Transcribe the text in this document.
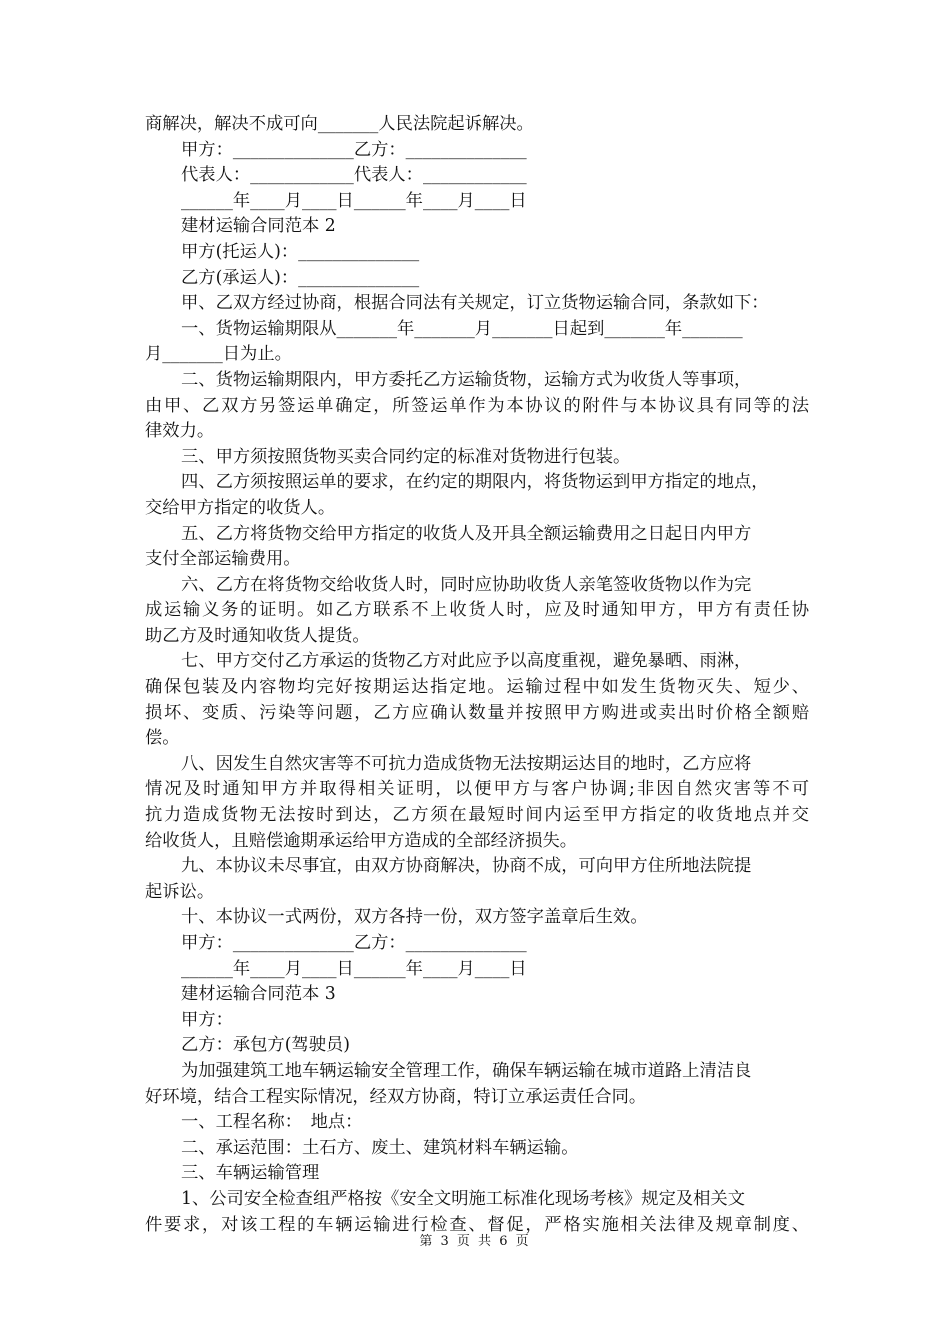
商解决，解决不成可向_______人民法院起诉解决。
甲方：______________乙方：______________
代表人：____________代表人：____________
______年____月____日______年____月____日
建材运输合同范本 2
甲方(托运人)：______________
乙方(承运人)：______________
甲、乙双方经过协商，根据合同法有关规定，订立货物运输合同，条款如下：
一、货物运输期限从_______年_______月_______日起到_______年_______
月_______日为止。
二、货物运输期限内，甲方委托乙方运输货物，运输方式为收货人等事项，
由甲、乙双方另签运单确定，所签运单作为本协议的附件与本协议具有同等的法
律效力。
三、甲方须按照货物买卖合同约定的标准对货物进行包装。
四、乙方须按照运单的要求，在约定的期限内，将货物运到甲方指定的地点，
交给甲方指定的收货人。
五、乙方将货物交给甲方指定的收货人及开具全额运输费用之日起日内甲方
支付全部运输费用。
六、乙方在将货物交给收货人时，同时应协助收货人亲笔签收货物以作为完
成运输义务的证明。如乙方联系不上收货人时，应及时通知甲方，甲方有责任协
助乙方及时通知收货人提货。
七、甲方交付乙方承运的货物乙方对此应予以高度重视，避免暴晒、雨淋，
确保包装及内容物均完好按期运达指定地。运输过程中如发生货物灭失、短少、
损坏、变质、污染等问题，乙方应确认数量并按照甲方购进或卖出时价格全额赔
偿。
八、因发生自然灾害等不可抗力造成货物无法按期运达目的地时，乙方应将
情况及时通知甲方并取得相关证明，以便甲方与客户协调;非因自然灾害等不可
抗力造成货物无法按时到达，乙方须在最短时间内运至甲方指定的收货地点并交
给收货人，且赔偿逾期承运给甲方造成的全部经济损失。
九、本协议未尽事宜，由双方协商解决，协商不成，可向甲方住所地法院提
起诉讼。
十、本协议一式两份，双方各持一份，双方签字盖章后生效。
甲方：______________乙方：______________
______年____月____日______年____月____日
建材运输合同范本 3
甲方：
乙方：承包方(驾驶员)
为加强建筑工地车辆运输安全管理工作，确保车辆运输在城市道路上清洁良
好环境，结合工程实际情况，经双方协商，特订立承运责任合同。
一、工程名称：　地点：
二、承运范围：土石方、废土、建筑材料车辆运输。
三、车辆运输管理
1、公司安全检查组严格按《安全文明施工标准化现场考核》规定及相关文
件要求，对该工程的车辆运输进行检查、督促，严格实施相关法律及规章制度、
第 3 页 共 6 页
